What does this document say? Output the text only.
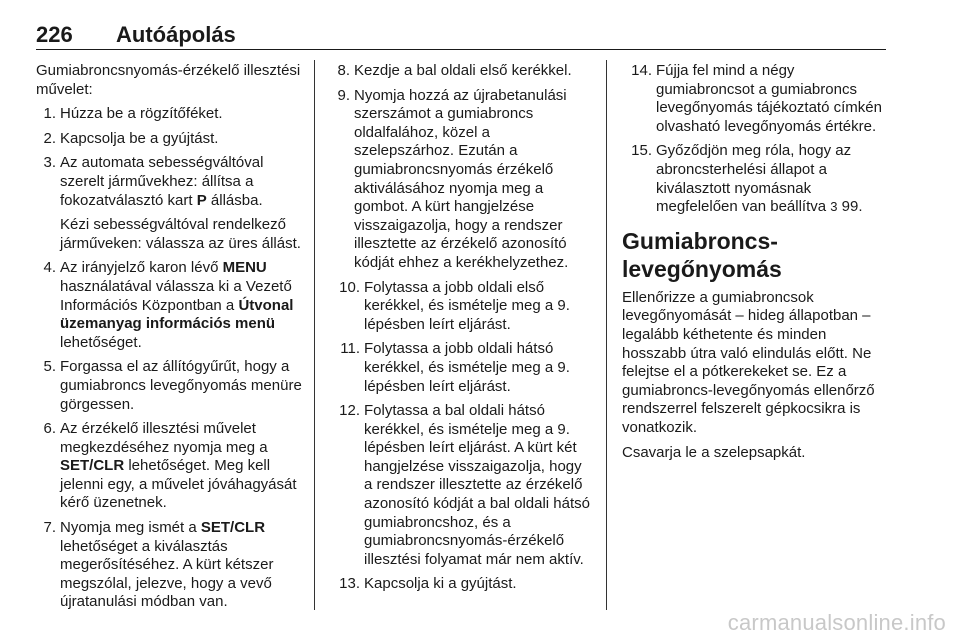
226 Autóápolás

Gumiabroncsnyomás-érzékelő illesztési művelet:

1. Húzza be a rögzítőféket.
2. Kapcsolja be a gyújtást.
3. Az automata sebességváltóval szerelt járművekhez: állítsa a fokozatválasztó kart P állásba.

Kézi sebességváltóval rendelkező járműveken: válassza az üres állást.

4. Az irányjelző karon lévő MENU használatával válassza ki a Vezető Információs Központban a Útvonal üzemanyag információs menü lehetőséget.
5. Forgassa el az állítógyűrűt, hogy a gumiabroncs levegőnyomás menüre görgessen.
6. Az érzékelő illesztési művelet megkezdéséhez nyomja meg a SET/CLR lehetőséget. Meg kell jelenni egy, a művelet jóváhagyását kérő üzenetnek.
7. Nyomja meg ismét a SET/CLR lehetőséget a kiválasztás megerősítéséhez. A kürt kétszer megszólal, jelezve, hogy a vevő újratanulási módban van.
8. Kezdje a bal oldali első kerékkel.
9. Nyomja hozzá az újrabetanulási szerszámot a gumiabroncs oldalfalához, közel a szelepszárhoz. Ezután a gumiabroncsnyomás érzékelő aktiválásához nyomja meg a gombot. A kürt hangjelzése visszaigazolja, hogy a rendszer illesztette az érzékelő azonosító kódját ehhez a kerékhelyzethez.
10. Folytassa a jobb oldali első kerékkel, és ismételje meg a 9. lépésben leírt eljárást.
11. Folytassa a jobb oldali hátsó kerékkel, és ismételje meg a 9. lépésben leírt eljárást.
12. Folytassa a bal oldali hátsó kerékkel, és ismételje meg a 9. lépésben leírt eljárást. A kürt két hangjelzése visszaigazolja, hogy a rendszer illesztette az érzékelő azonosító kódját a bal oldali hátsó gumiabroncshoz, és a gumiabroncsnyomás-érzékelő illesztési folyamat már nem aktív.
13. Kapcsolja ki a gyújtást.
14. Fújja fel mind a négy gumiabroncsot a gumiabroncs levegőnyomás tájékoztató címkén olvasható levegőnyomás értékre.
15. Győződjön meg róla, hogy az abroncsterhelési állapot a kiválasztott nyomásnak megfelelően van beállítva 3 99.
Gumiabroncs-levegőnyomás

Ellenőrizze a gumiabroncsok levegőnyomását – hideg állapotban – legalább kéthetente és minden hosszabb útra való elindulás előtt. Ne felejtse el a pótkerekeket se. Ez a gumiabroncs-levegőnyomás ellenőrző rendszerrel felszerelt gépkocsikra is vonatkozik.

Csavarja le a szelepsapkát.

carmanualsonline.info
